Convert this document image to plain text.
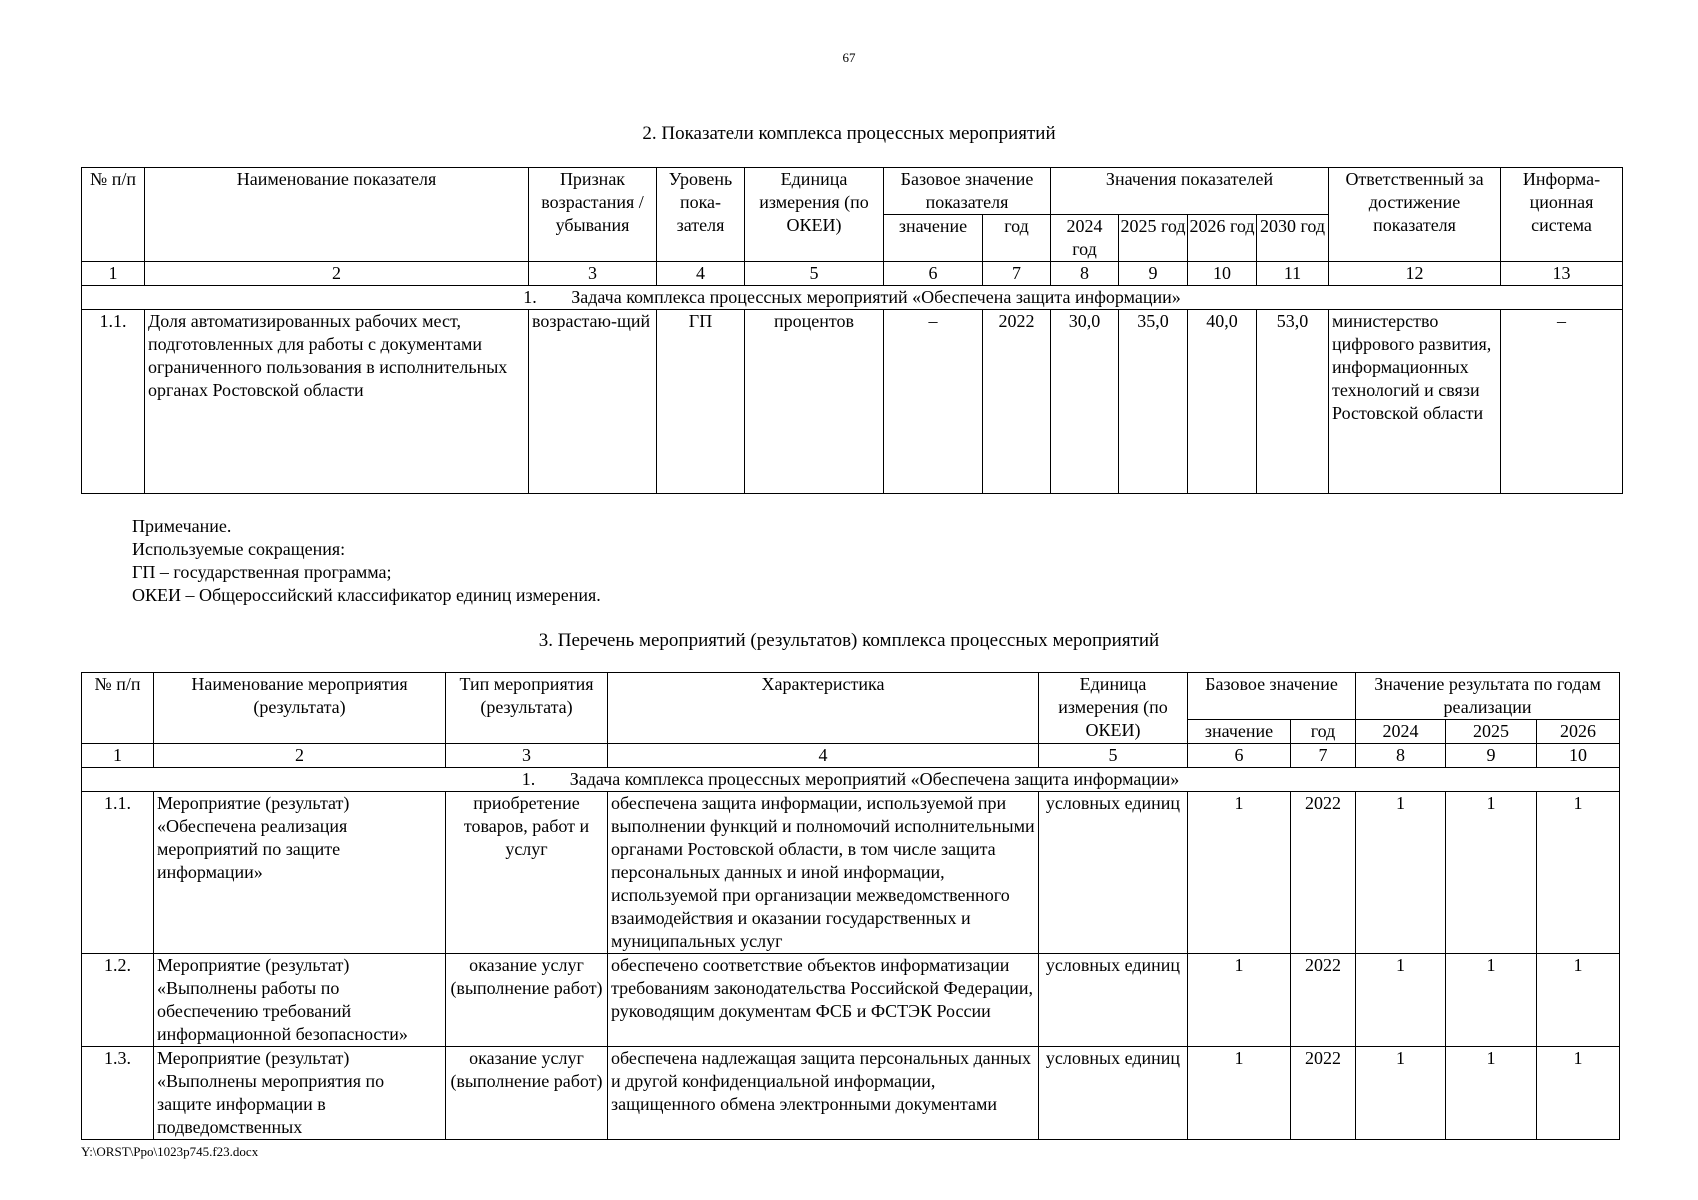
67
2. Показатели комплекса процессных мероприятий
№ п/п	Наименование показателя	Признак возрастания / убывания	Уровень пока-зателя	Единица измерения (по ОКЕИ)	Базовое значение показателя		Значения показателей				Ответственный за достижение показателя	Информа-ционная система
					значение	год	2024 год	2025 год	2026 год	2030 год		
1	2	3	4	5	6	7	8	9	10	11	12	13
1. Задача комплекса процессных мероприятий «Обеспечена защита информации»												
1.1.	Доля автоматизированных рабочих мест, подготовленных для работы с документами ограниченного пользования в исполнительных органах Ростовской области	возрастаю-щий	ГП	процентов	–	2022	30,0	35,0	40,0	53,0	министерство цифрового развития, информационных технологий и связи Ростовской области	–
Примечание.
Используемые сокращения:
ГП – государственная программа;
ОКЕИ – Общероссийский классификатор единиц измерения.
3. Перечень мероприятий (результатов) комплекса процессных мероприятий
№ п/п	Наименование мероприятия (результата)	Тип мероприятия (результата)	Характеристика	Единица измерения (по ОКЕИ)	Базовое значение		Значение результата по годам реализации		
					значение	год	2024	2025	2026
1	2	3	4	5	6	7	8	9	10
1. Задача комплекса процессных мероприятий «Обеспечена защита информации»									
1.1.	Мероприятие (результат) «Обеспечена реализация мероприятий по защите информации»	приобретение товаров, работ и услуг	обеспечена защита информации, используемой при выполнении функций и полномочий исполнительными органами Ростовской области, в том числе защита персональных данных и иной информации, используемой при организации межведомственного взаимодействия и оказании государственных и муниципальных услуг	условных единиц	1	2022	1	1	1
1.2.	Мероприятие (результат) «Выполнены работы по обеспечению требований информационной безопасности»	оказание услуг (выполнение работ)	обеспечено соответствие объектов информатизации требованиям законодательства Российской Федерации, руководящим документам ФСБ и ФСТЭК России	условных единиц	1	2022	1	1	1
1.3.	Мероприятие (результат) «Выполнены мероприятия по защите информации в подведомственных	оказание услуг (выполнение работ)	обеспечена надлежащая защита персональных данных и другой конфиденциальной информации, защищенного обмена электронными документами	условных единиц	1	2022	1	1	1
Y:\ORST\Ppo\1023p745.f23.docx
